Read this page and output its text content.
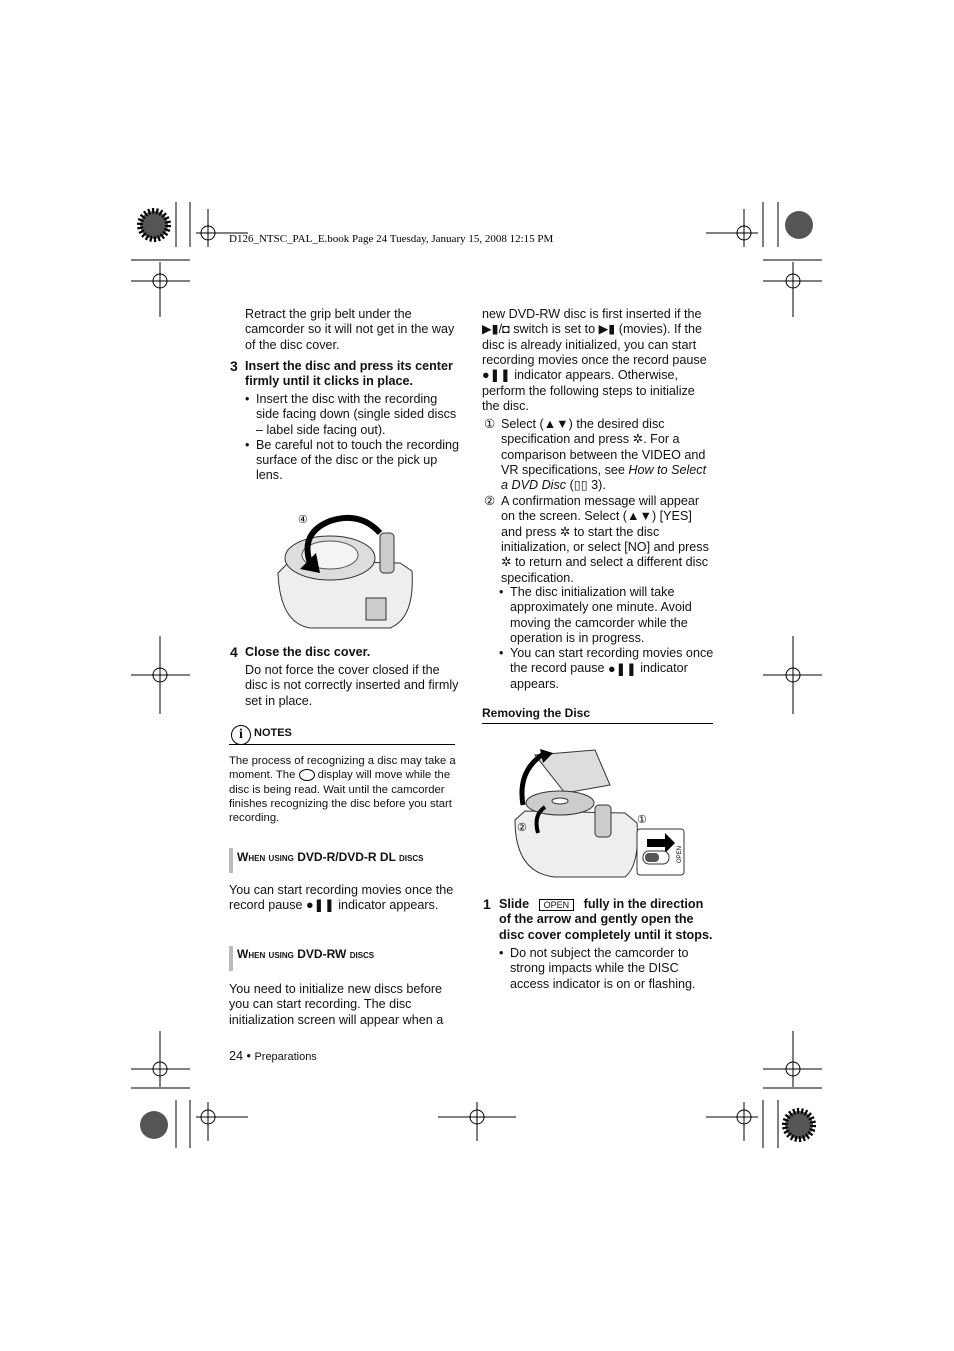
D126_NTSC_PAL_E.book Page 24 Tuesday, January 15, 2008 12:15 PM

Retract the grip belt under the camcorder so it will not get in the way of the disc cover.

3 Insert the disc and press its center firmly until it clicks in place.

• Insert the disc with the recording side facing down (single sided discs – label side facing out).
• Be careful not to touch the recording surface of the disc or the pick up lens.
④
4 Close the disc cover.

Do not force the cover closed if the disc is not correctly inserted and firmly set in place.

i	NOTES
The process of recognizing a disc may take a moment. The display will move while the disc is being read. Wait until the camcorder finishes recognizing the disc before you start recording.
When using DVD-R/DVD-R DL discs

You can start recording movies once the record pause ●❚❚ indicator appears.

When using DVD-RW discs

You need to initialize new discs before you can start recording. The disc initialization screen will appear when a

24 • Preparations

new DVD-RW disc is first inserted if the ▶▮/◘ switch is set to ▶▮ (movies). If the disc is already initialized, you can start recording movies once the record pause ●❚❚ indicator appears. Otherwise, perform the following steps to initialize the disc.

① Select (▲▼) the desired disc specification and press ✲. For a comparison between the VIDEO and VR specifications, see How to Select a DVD Disc (▯▯ 3).

② A confirmation message will appear on the screen. Select (▲▼) [YES] and press ✲ to start the disc initialization, or select [NO] and press ✲ to return and select a different disc specification.

• The disc initialization will take approximately one minute. Avoid moving the camcorder while the operation is in progress.
• You can start recording movies once the record pause ●❚❚ indicator appears.
Removing the Disc
②
①
OPEN
1 Slide OPEN fully in the direction of the arrow and gently open the disc cover completely until it stops.

• Do not subject the camcorder to strong impacts while the DISC access indicator is on or flashing.
